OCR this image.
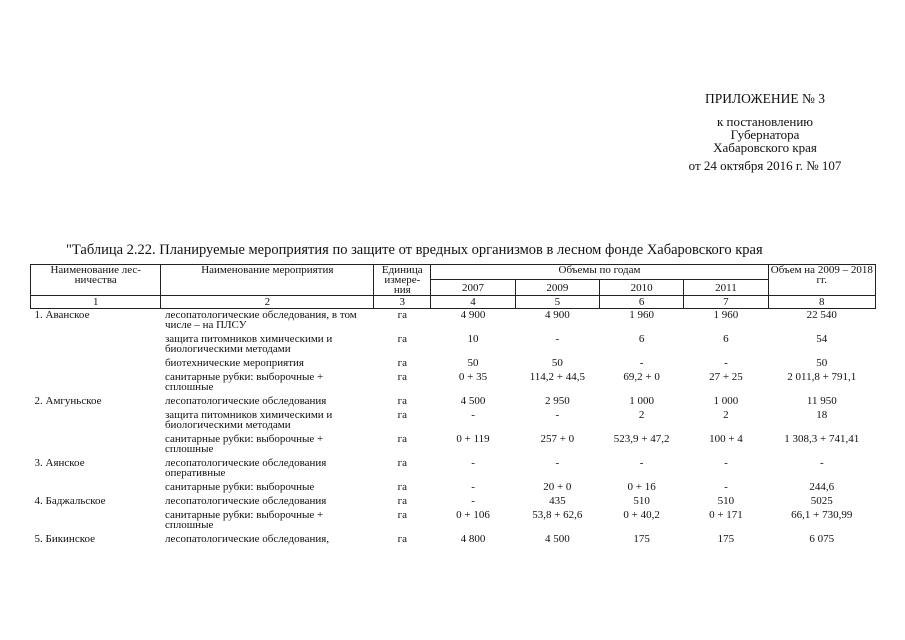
ПРИЛОЖЕНИЕ № 3
к постановлению
Губернатора
Хабаровского края
от 24 октября 2016 г. № 107
"Таблица 2.22. Планируемые мероприятия по защите от вредных организмов в лесном фонде Хабаровского края
Наименование лес-ничества	Наименование мероприятия	Единица измере-ния	Объемы по годам				Объем на 2009 – 2018 гг.
			2007	2009	2010	2011	
1	2	3	4	5	6	7	8
1. Аванское	лесопатологические обследования, в том числе – на ПЛСУ	га	4 900	4 900	1 960	1 960	22 540
	защита питомников химическими и биологическими методами	га	10	-	6	6	54
	биотехнические мероприятия	га	50	50	-	-	50
	санитарные рубки: выборочные + сплошные	га	0 + 35	114,2 + 44,5	69,2 + 0	27 + 25	2 011,8 + 791,1
2. Амгуньское	лесопатологические обследования	га	4 500	2 950	1 000	1 000	11 950
	защита питомников химическими и биологическими методами	га	-	-	2	2	18
	санитарные рубки: выборочные + сплошные	га	0 + 119	257 + 0	523,9 + 47,2	100 + 4	1 308,3 + 741,41
3. Аянское	лесопатологические обследования оперативные	га	-	-	-	-	-
	санитарные рубки: выборочные	га	-	20 + 0	0 + 16	-	244,6
4. Баджальское	лесопатологические обследования	га	-	435	510	510	5025
	санитарные рубки: выборочные + сплошные	га	0 + 106	53,8 + 62,6	0 + 40,2	0 + 171	66,1 + 730,99
5. Бикинское	лесопатологические обследования,	га	4 800	4 500	175	175	6 075
